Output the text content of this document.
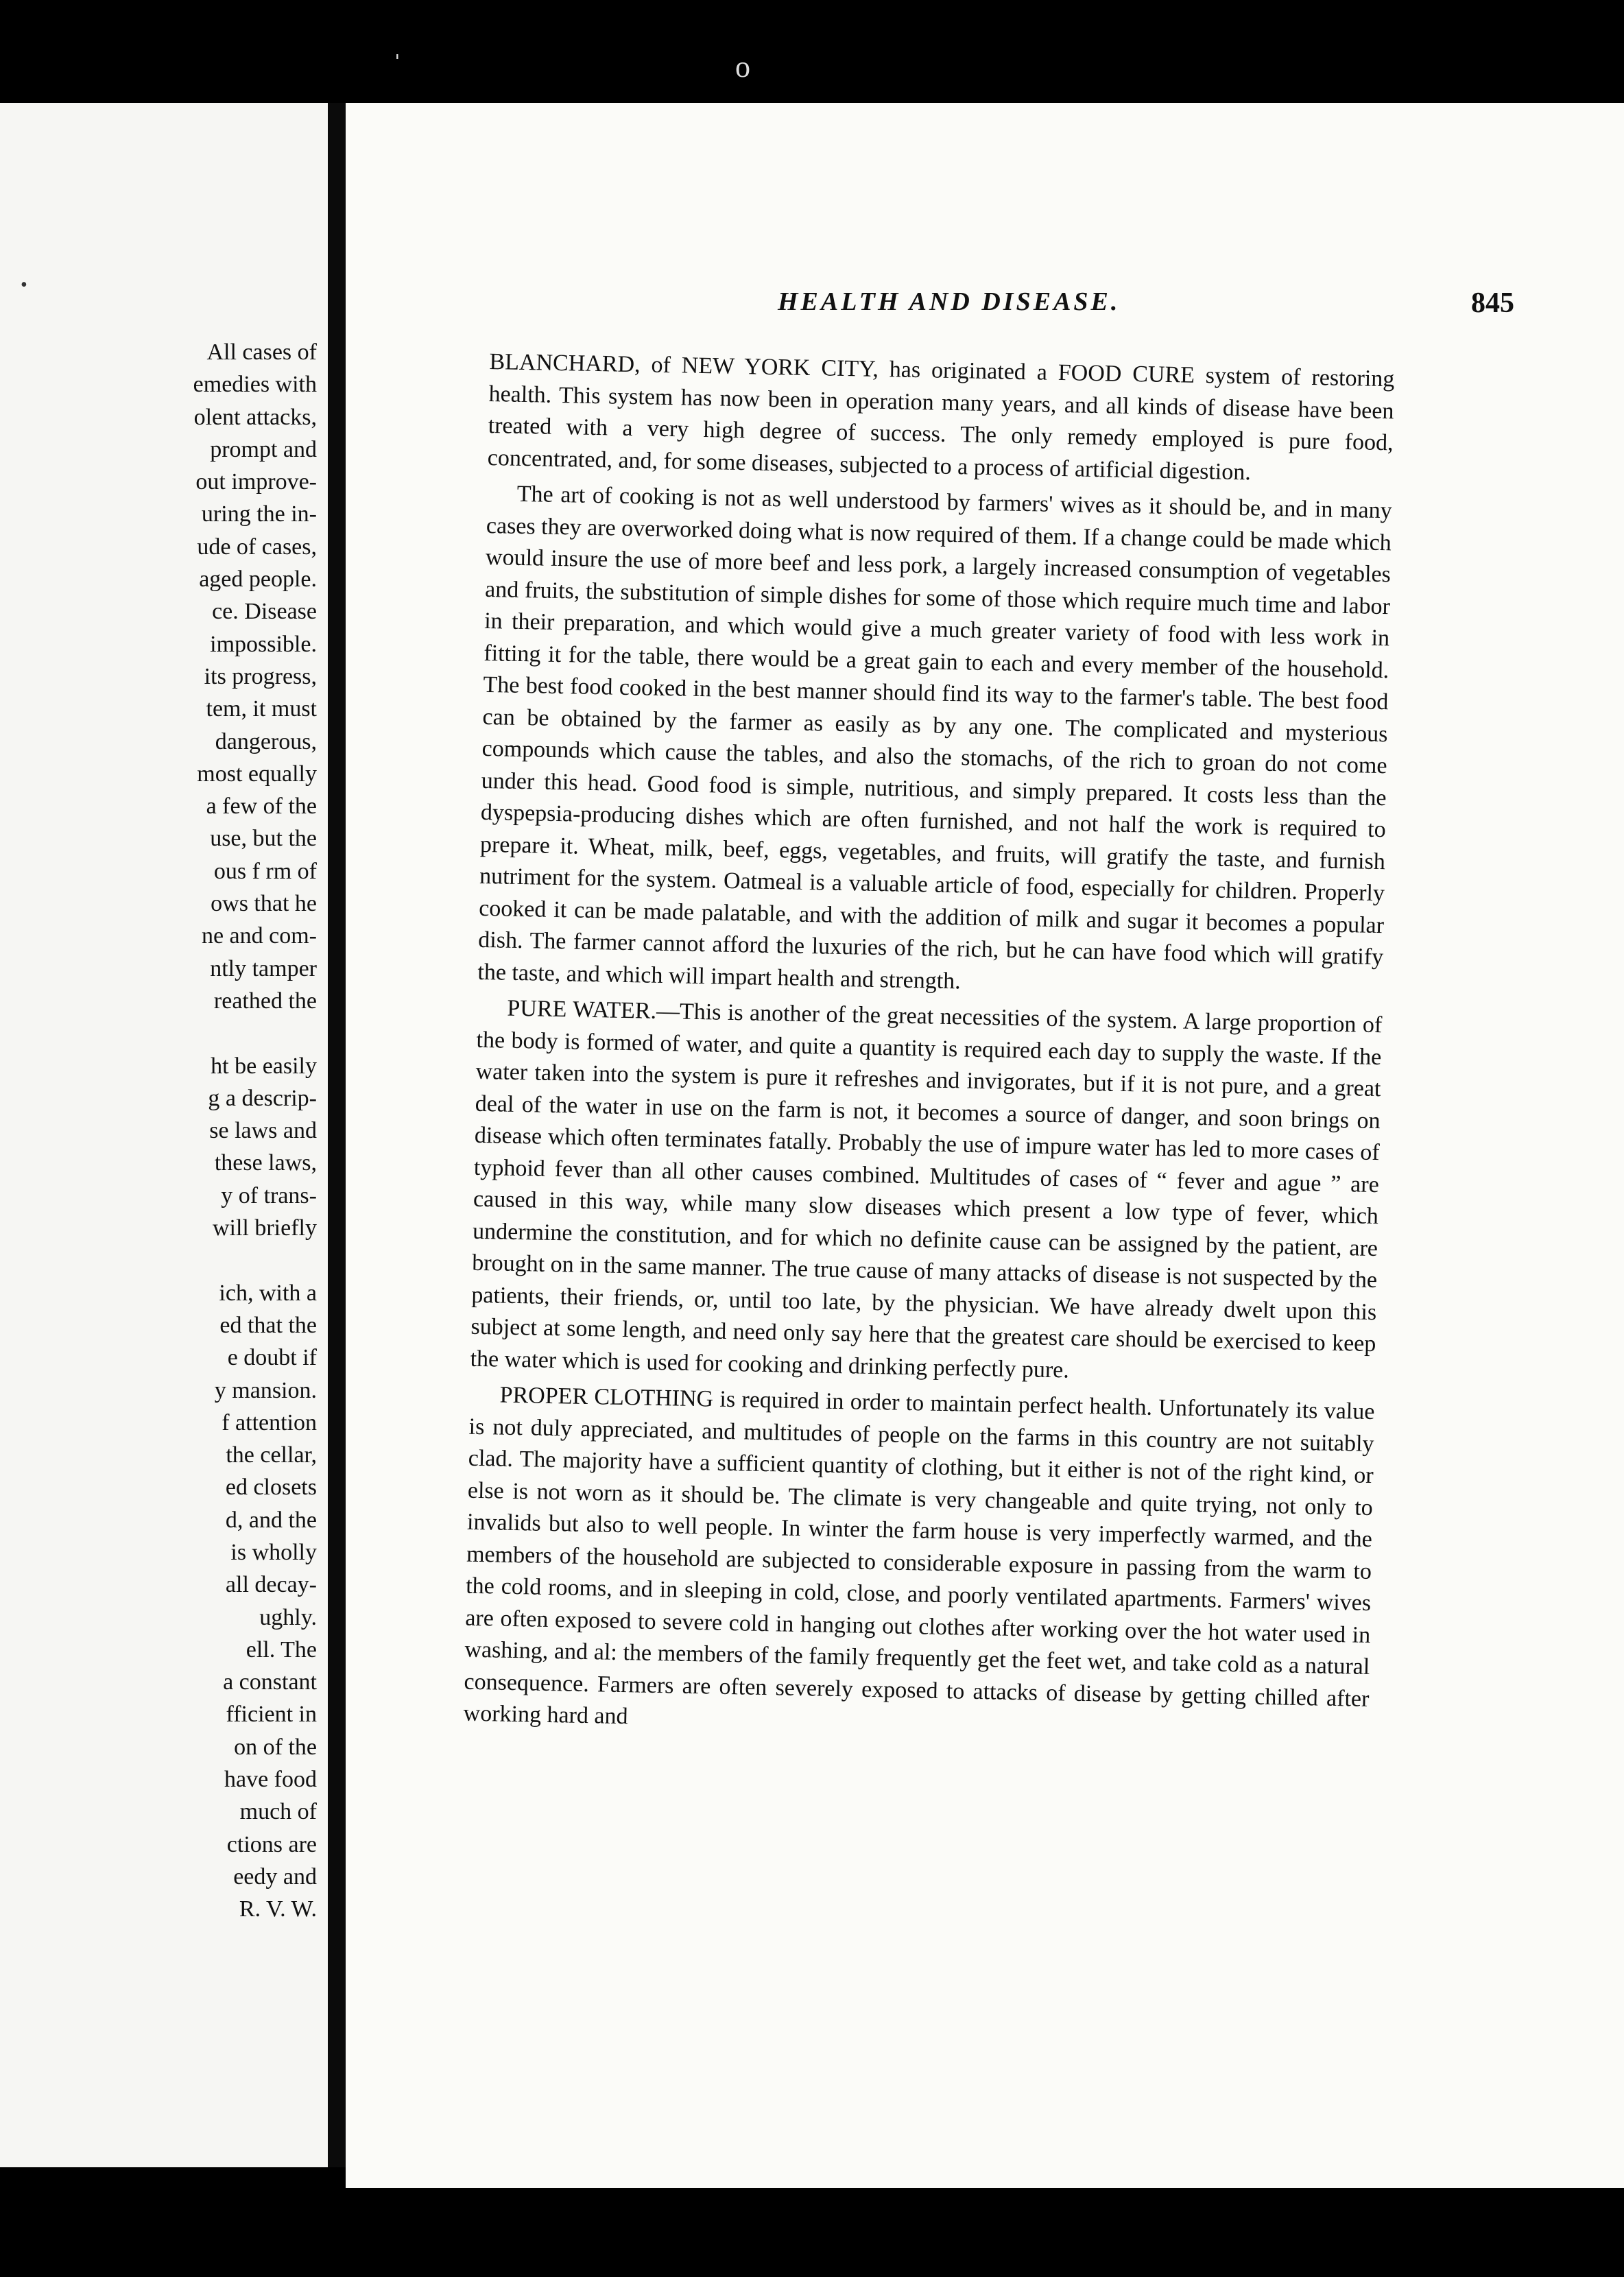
ˈ	o
•
All cases of
emedies with
olent attacks,
prompt and
out improve-
uring the in-
ude of cases,
aged people.
ce. Disease
impossible.
its progress,
tem, it must
dangerous,
most equally
a few of the
use, but the
ous f rm of
ows that he
ne and com-
ntly tamper
reathed the
ht be easily
g a descrip-
se laws and
these laws,
y of trans-
will briefly
ich, with a
ed that the
e doubt if
y mansion.
f attention
the cellar,
ed closets
d, and the
is wholly
all decay-
ughly.
ell. The
a constant
fficient in
on of the
have food
much of
ctions are
eedy and
R. V. W.
HEALTH AND DISEASE.	845

BLANCHARD, of NEW YORK CITY, has originated a FOOD CURE system of restoring health. This system has now been in operation many years, and all kinds of disease have been treated with a very high degree of success. The only remedy employed is pure food, concentrated, and, for some diseases, subjected to a process of artificial digestion.

The art of cooking is not as well understood by farmers' wives as it should be, and in many cases they are overworked doing what is now required of them. If a change could be made which would insure the use of more beef and less pork, a largely increased consumption of vegetables and fruits, the substitution of simple dishes for some of those which require much time and labor in their preparation, and which would give a much greater variety of food with less work in fitting it for the table, there would be a great gain to each and every member of the household. The best food cooked in the best manner should find its way to the farmer's table. The best food can be obtained by the farmer as easily as by any one. The complicated and mysterious compounds which cause the tables, and also the stomachs, of the rich to groan do not come under this head. Good food is simple, nutritious, and simply prepared. It costs less than the dyspepsia-producing dishes which are often furnished, and not half the work is required to prepare it. Wheat, milk, beef, eggs, vegetables, and fruits, will gratify the taste, and furnish nutriment for the system. Oatmeal is a valuable article of food, especially for children. Properly cooked it can be made palatable, and with the addition of milk and sugar it becomes a popular dish. The farmer cannot afford the luxuries of the rich, but he can have food which will gratify the taste, and which will impart health and strength.

PURE WATER.—This is another of the great necessities of the system. A large proportion of the body is formed of water, and quite a quantity is required each day to supply the waste. If the water taken into the system is pure it refreshes and invigorates, but if it is not pure, and a great deal of the water in use on the farm is not, it becomes a source of danger, and soon brings on disease which often terminates fatally. Probably the use of impure water has led to more cases of typhoid fever than all other causes combined. Multitudes of cases of “ fever and ague ” are caused in this way, while many slow diseases which present a low type of fever, which undermine the constitution, and for which no definite cause can be assigned by the patient, are brought on in the same manner. The true cause of many attacks of disease is not suspected by the patients, their friends, or, until too late, by the physician. We have already dwelt upon this subject at some length, and need only say here that the greatest care should be exercised to keep the water which is used for cooking and drinking perfectly pure.

PROPER CLOTHING is required in order to maintain perfect health. Unfortunately its value is not duly appreciated, and multitudes of people on the farms in this country are not suitably clad. The majority have a sufficient quantity of clothing, but it either is not of the right kind, or else is not worn as it should be. The climate is very changeable and quite trying, not only to invalids but also to well people. In winter the farm house is very imperfectly warmed, and the members of the household are subjected to considerable exposure in passing from the warm to the cold rooms, and in sleeping in cold, close, and poorly ventilated apartments. Farmers' wives are often exposed to severe cold in hanging out clothes after working over the hot water used in washing, and al: the members of the family frequently get the feet wet, and take cold as a natural consequence. Farmers are often severely exposed to attacks of disease by getting chilled after working hard and
